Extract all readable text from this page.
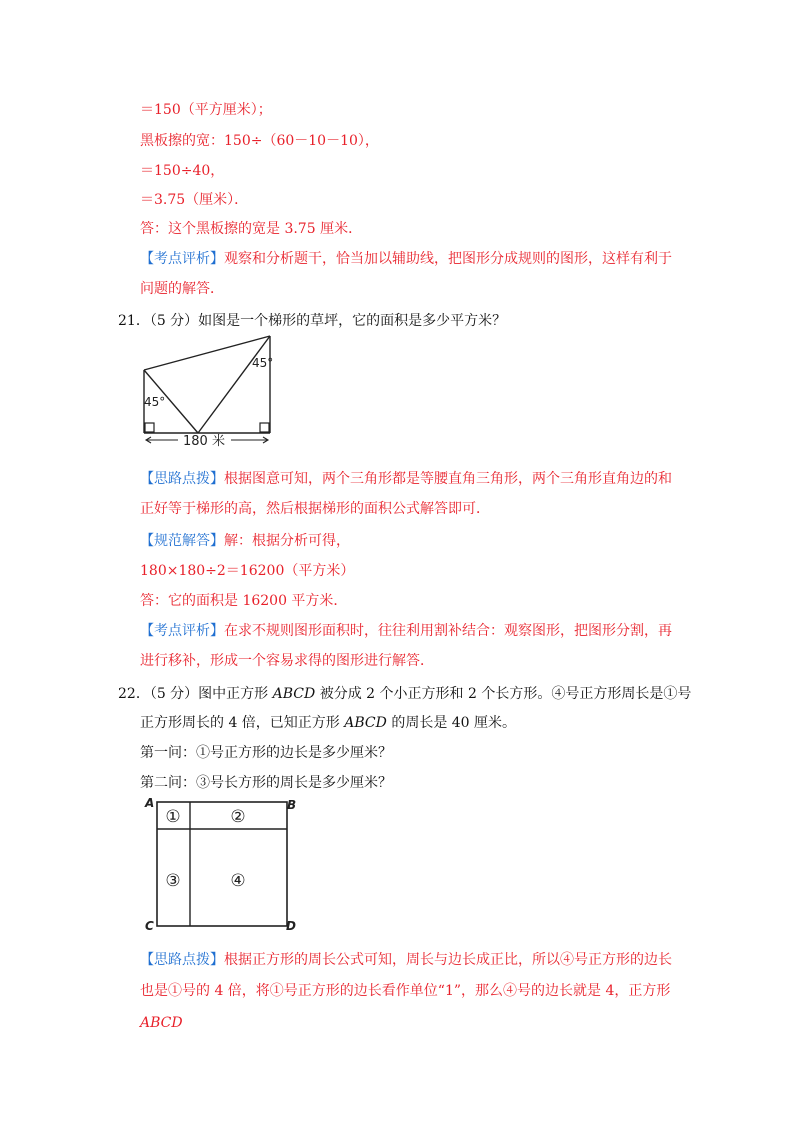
＝150（平方厘米）；
黑板擦的宽：150÷（60－10－10），
＝150÷40，
＝3.75（厘米）．
答：这个黑板擦的宽是 3.75 厘米．
【考点评析】观察和分析题干，恰当加以辅助线，把图形分成规则的图形，这样有利于
问题的解答．
21．（5 分）如图是一个梯形的草坪，它的面积是多少平方米？
45°
45°
180 米
【思路点拨】根据图意可知，两个三角形都是等腰直角三角形，两个三角形直角边的和
正好等于梯形的高，然后根据梯形的面积公式解答即可．
【规范解答】解：根据分析可得，
180×180÷2＝16200（平方米）
答：它的面积是 16200 平方米．
【考点评析】在求不规则图形面积时，往往利用割补结合：观察图形，把图形分割，再
进行移补，形成一个容易求得的图形进行解答．
22．（5 分）图中正方形 ABCD 被分成 2 个小正方形和 2 个长方形。④号正方形周长是①号
正方形周长的 4 倍，已知正方形 ABCD 的周长是 40 厘米。
第一问：①号正方形的边长是多少厘米？
第二问：③号长方形的周长是多少厘米？
A	B
C	D
①	②
③	④
【思路点拨】根据正方形的周长公式可知，周长与边长成正比，所以④号正方形的边长
也是①号的 4 倍，将①号正方形的边长看作单位“1”，那么④号的边长就是 4，正方形
ABCD
